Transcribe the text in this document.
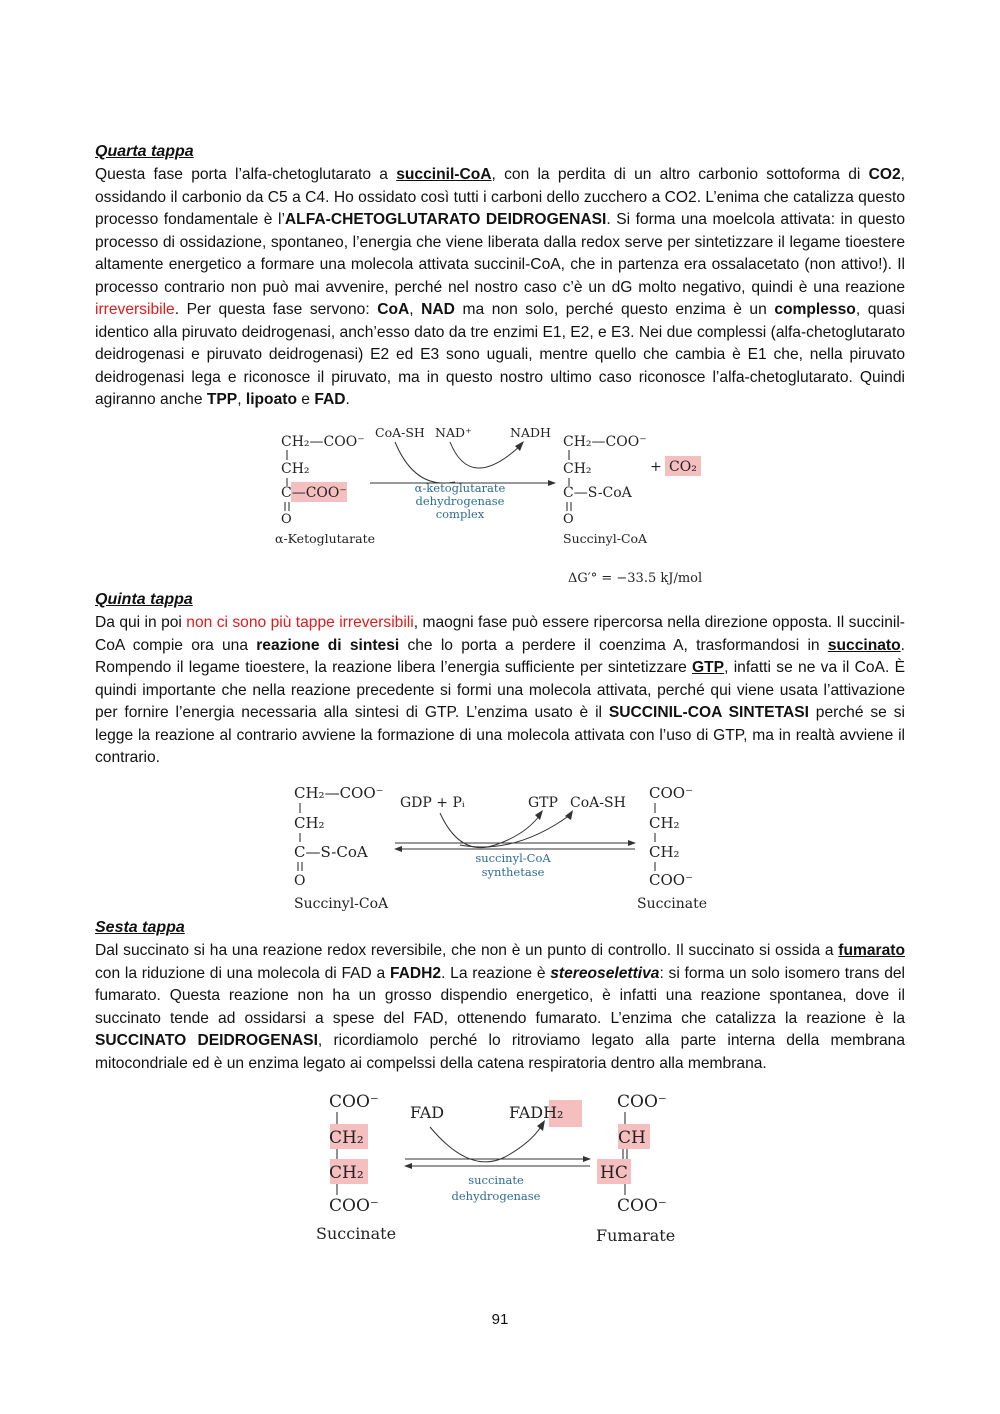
Quarta tappa
Questa fase porta l’alfa-chetoglutarato a succinil-CoA, con la perdita di un altro carbonio sottoforma di CO2, ossidando il carbonio da C5 a C4. Ho ossidato così tutti i carboni dello zucchero a CO2. L’enima che catalizza questo processo fondamentale è l’ALFA-CHETOGLUTARATO DEIDROGENASI. Si forma una moelcola attivata: in questo processo di ossidazione, spontaneo, l’energia che viene liberata dalla redox serve per sintetizzare il legame tioestere altamente energetico a formare una molecola attivata succinil-CoA, che in partenza era ossalacetato (non attivo!). Il processo contrario non può mai avvenire, perché nel nostro caso c’è un dG molto negativo, quindi è una reazione irreversibile. Per questa fase servono: CoA, NAD ma non solo, perché questo enzima è un complesso, quasi identico alla piruvato deidrogenasi, anch’esso dato da tre enzimi E1, E2, e E3. Nei due complessi (alfa-chetoglutarato deidrogenasi e piruvato deidrogenasi) E2 ed E3 sono uguali, mentre quello che cambia è E1 che, nella piruvato deidrogenasi lega e riconosce il piruvato, ma in questo nostro ultimo caso riconosce l’alfa-chetoglutarato. Quindi agiranno anche TPP, lipoato e FAD.
CH₂—COO⁻
CH₂
C—COO⁻
O
α-Ketoglutarate
CoA-SH NAD⁺	NADH
α-ketoglutarate
dehydrogenase
complex
CH₂—COO⁻
CH₂
C—S-CoA
O
Succinyl-CoA
+ CO₂
ΔG′° = −33.5 kJ/mol
Quinta tappa
Da qui in poi non ci sono più tappe irreversibili, maogni fase può essere ripercorsa nella direzione opposta. Il succinil-CoA compie ora una reazione di sintesi che lo porta a perdere il coenzima A, trasformandosi in succinato. Rompendo il legame tioestere, la reazione libera l’energia sufficiente per sintetizzare GTP, infatti se ne va il CoA. È quindi importante che nella reazione precedente si formi una molecola attivata, perché qui viene usata l’attivazione per fornire l’energia necessaria alla sintesi di GTP. L’enzima usato è il SUCCINIL-COA SINTETASI perché se si legge la reazione al contrario avviene la formazione di una molecola attivata con l’uso di GTP, ma in realtà avviene il contrario.
CH₂—COO⁻
CH₂
C—S-CoA
O
Succinyl-CoA
GDP + Pᵢ	GTP CoA-SH
succinyl-CoA
synthetase
COO⁻
CH₂
CH₂
COO⁻
Succinate
Sesta tappa
Dal succinato si ha una reazione redox reversibile, che non è un punto di controllo. Il succinato si ossida a fumarato con la riduzione di una molecola di FAD a FADH2. La reazione è stereoselettiva: si forma un solo isomero trans del fumarato. Questa reazione non ha un grosso dispendio energetico, è infatti una reazione spontanea, dove il succinato tende ad ossidarsi a spese del FAD, ottenendo fumarato. L’enzima che catalizza la reazione è la SUCCINATO DEIDROGENASI, ricordiamolo perché lo ritroviamo legato alla parte interna della membrana mitocondriale ed è un enzima legato ai compelssi della catena respiratoria dentro alla membrana.
COO⁻
CH₂
CH₂
COO⁻
Succinate
FAD	FADH₂
succinate
dehydrogenase
COO⁻
CH
HC
COO⁻
Fumarate
91
